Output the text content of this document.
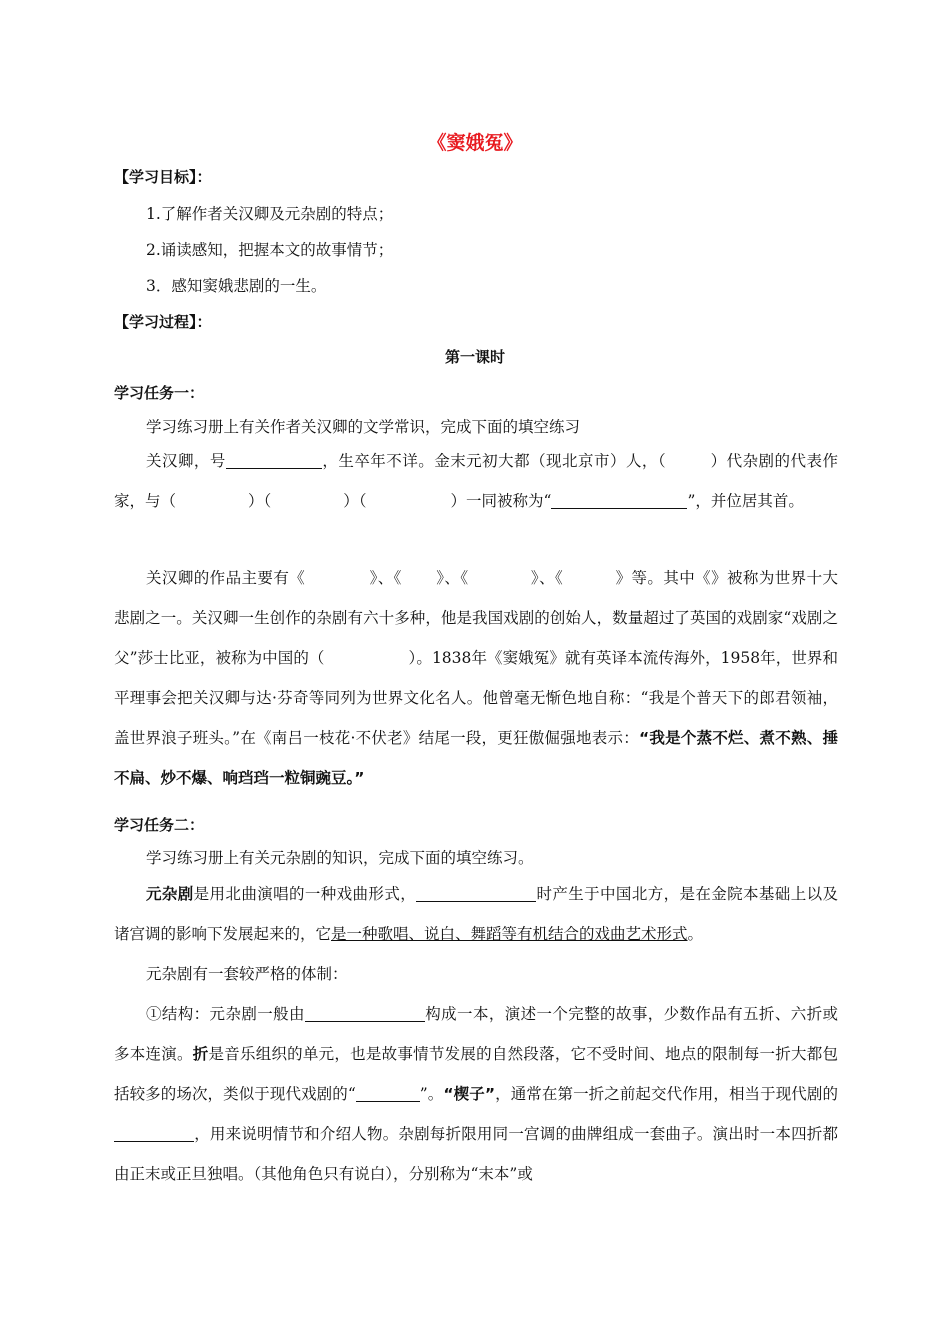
《窦娥冤》
【学习目标】：
1.了解作者关汉卿及元杂剧的特点；
2.诵读感知，把握本文的故事情节；
3．感知窦娥悲剧的一生。
【学习过程】：
第一课时
学习任务一：
学习练习册上有关作者关汉卿的文学常识，完成下面的填空练习
关汉卿，号	，生卒年不详。金末元初大都（现北京市）人，（	）代杂剧的代表作家，与（	）（	）（	）一同被称为“	”，并位居其首。
关汉卿的作品主要有《	》、《 》、《	》、《	》等。其中《》被称为世界十大悲剧之一。关汉卿一生创作的杂剧有六十多种，他是我国戏剧的创始人，数量超过了英国的戏剧家“戏剧之父”莎士比亚，被称为中国的（	）。1838年《窦娥冤》就有英译本流传海外，1958年，世界和平理事会把关汉卿与达·芬奇等同列为世界文化名人。他曾毫无惭色地自称：“我是个普天下的郎君领袖，盖世界浪子班头。”在《南吕一枝花·不伏老》结尾一段，更狂傲倔强地表示：“我是个蒸不烂、煮不熟、捶不扁、炒不爆、响珰珰一粒铜豌豆。”
学习任务二：
学习练习册上有关元杂剧的知识，完成下面的填空练习。
元杂剧是用北曲演唱的一种戏曲形式，	时产生于中国北方，是在金院本基础上以及诸宫调的影响下发展起来的，它是一种歌唱、说白、舞蹈等有机结合的戏曲艺术形式。
元杂剧有一套较严格的体制：
①结构：元杂剧一般由	构成一本，演述一个完整的故事，少数作品有五折、六折或多本连演。折是音乐组织的单元，也是故事情节发展的自然段落，它不受时间、地点的限制每一折大都包括较多的场次，类似于现代戏剧的“	”。“楔子”，通常在第一折之前起交代作用，相当于现代剧的，用来说明情节和介绍人物。杂剧每折限用同一宫调的曲牌组成一套曲子。演出时一本四折都由正末或正旦独唱。（其他角色只有说白），分别称为“末本”或
